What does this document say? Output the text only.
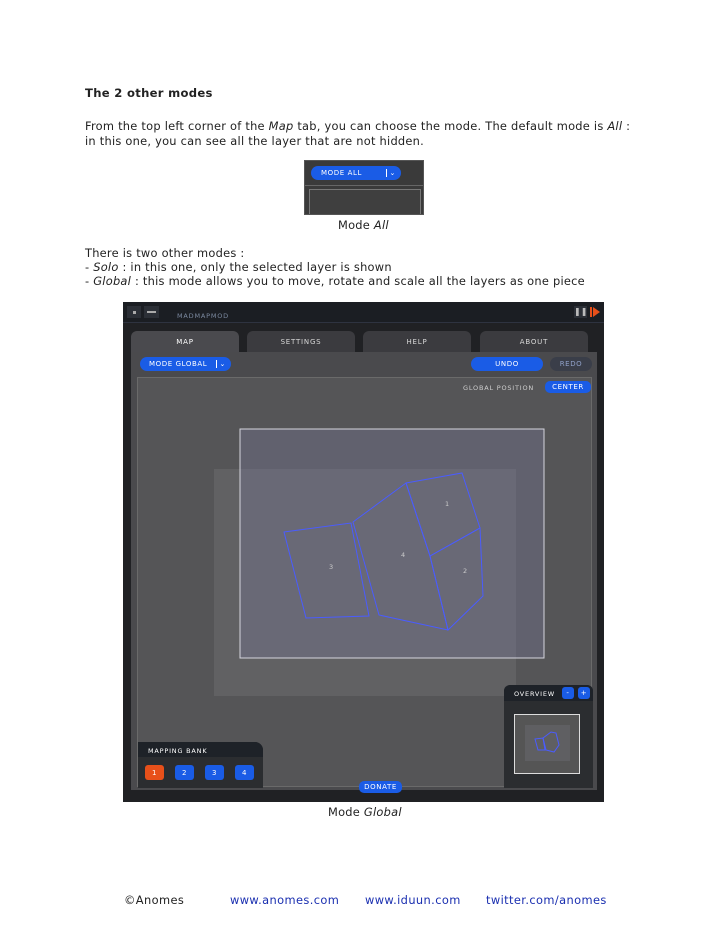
The 2 other modes
From the top left corner of the Map tab, you can choose the mode. The default mode is All :
in this one, you can see all the layer that are not hidden.
MODE ALL	⌄
Mode All
There is two other modes :
- Solo : in this one, only the selected layer is shown
- Global : this mode allows you to move, rotate and scale all the layers as one piece
❚❚
MADMAPMOD
MAP	SETTINGS	HELP	ABOUT
MODE GLOBAL	⌄	UNDO	REDO
GLOBAL POSITION	CENTER
1
2
3
4
OVERVIEW	-	+
MAPPING BANK
1	2	3	4
DONATE
Mode Global
©Anomes	www.anomes.com www.iduun.com twitter.com/anomes
